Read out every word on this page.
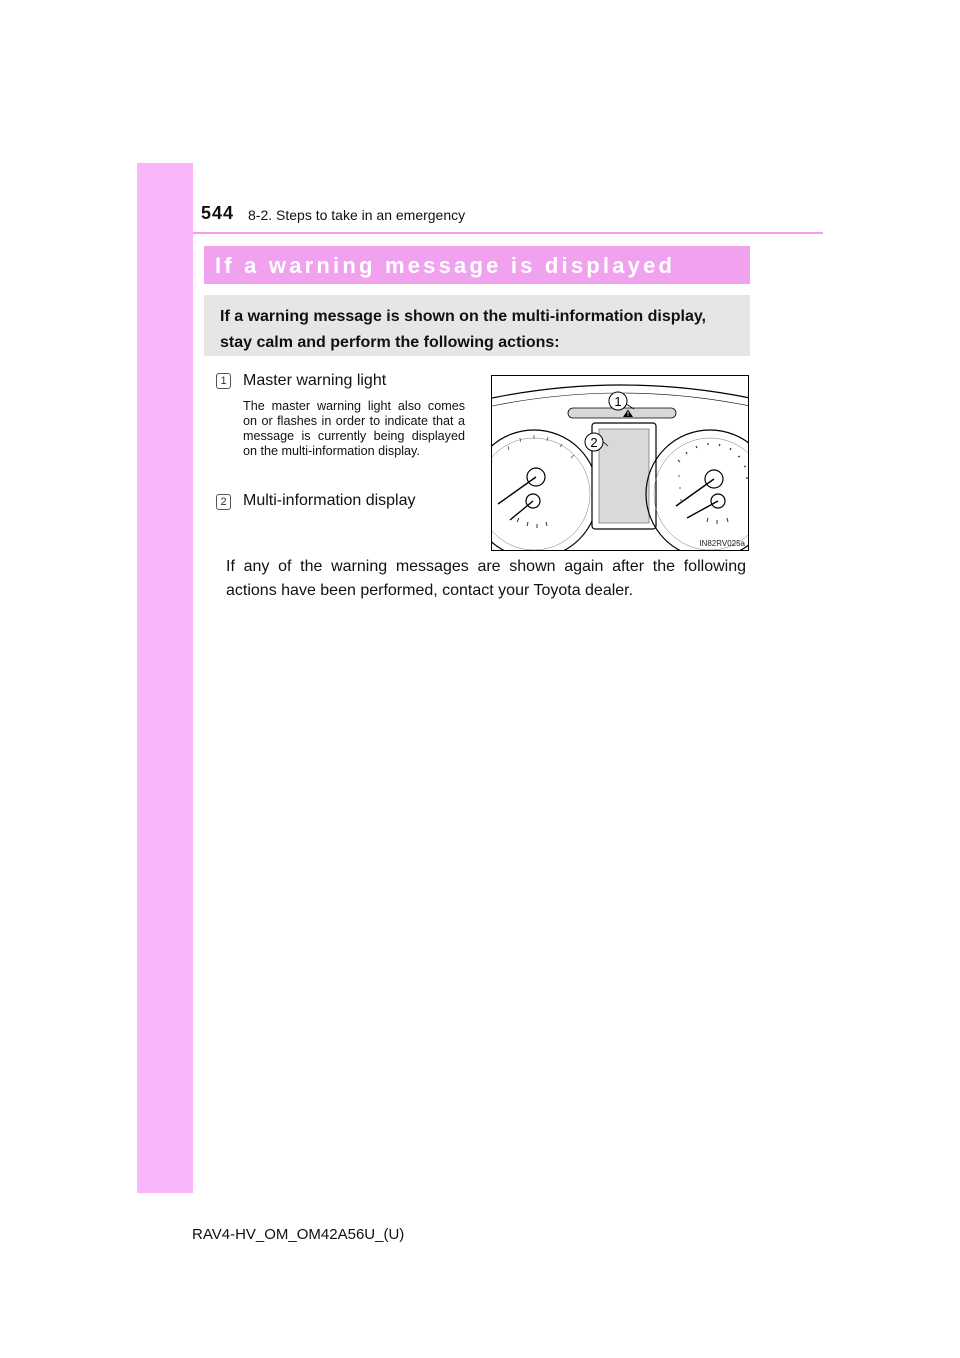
544 8-2. Steps to take in an emergency
If a warning message is displayed
If a warning message is shown on the multi-information display, stay calm and perform the following actions:
1 Master warning light
The master warning light also comes on or flashes in order to indicate that a message is currently being displayed on the multi-information display.
2 Multi-information display
1
2
IN82RV025a
If any of the warning messages are shown again after the following actions have been performed, contact your Toyota dealer.
RAV4-HV_OM_OM42A56U_(U)
